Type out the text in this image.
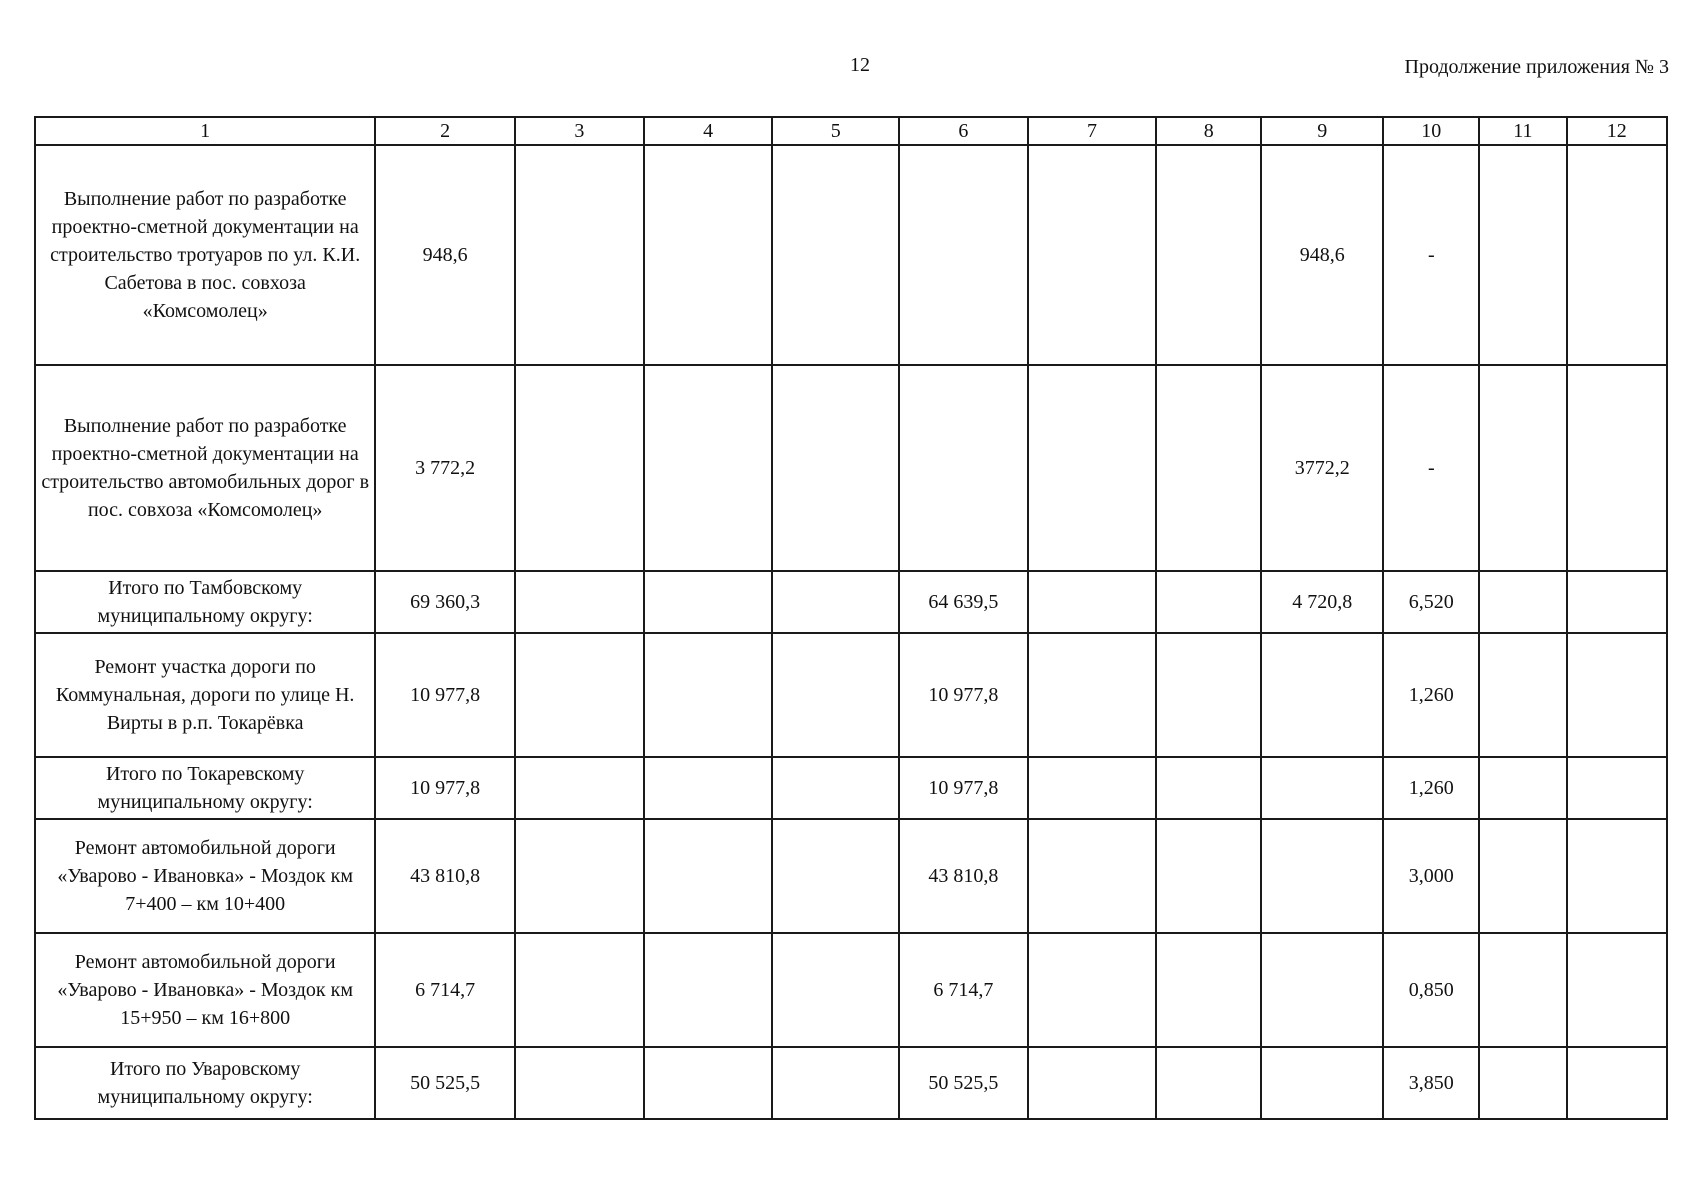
12	Продолжение приложения № 3
1	2	3	4	5	6	7	8	9	10	11	12
Выполнение работ по разработке проектно-сметной документации на строительство тротуаров по ул. К.И. Сабетова в пос. совхоза «Комсомолец»	948,6							948,6	-		
Выполнение работ по разработке проектно-сметной документации на строительство автомобильных дорог в пос. совхоза «Комсомолец»	3 772,2							3772,2	-		
Итого по Тамбовскому муниципальному округу:	69 360,3				64 639,5			4 720,8	6,520		
Ремонт участка дороги по Коммунальная, дороги по улице Н. Вирты в р.п. Токарёвка	10 977,8				10 977,8				1,260		
Итого по Токаревскому муниципальному округу:	10 977,8				10 977,8				1,260		
Ремонт автомобильной дороги «Уварово - Ивановка» - Моздок км 7+400 – км 10+400	43 810,8				43 810,8				3,000		
Ремонт автомобильной дороги «Уварово - Ивановка» - Моздок км 15+950 – км 16+800	6 714,7				6 714,7				0,850		
Итого по Уваровскому муниципальному округу:	50 525,5				50 525,5				3,850		
